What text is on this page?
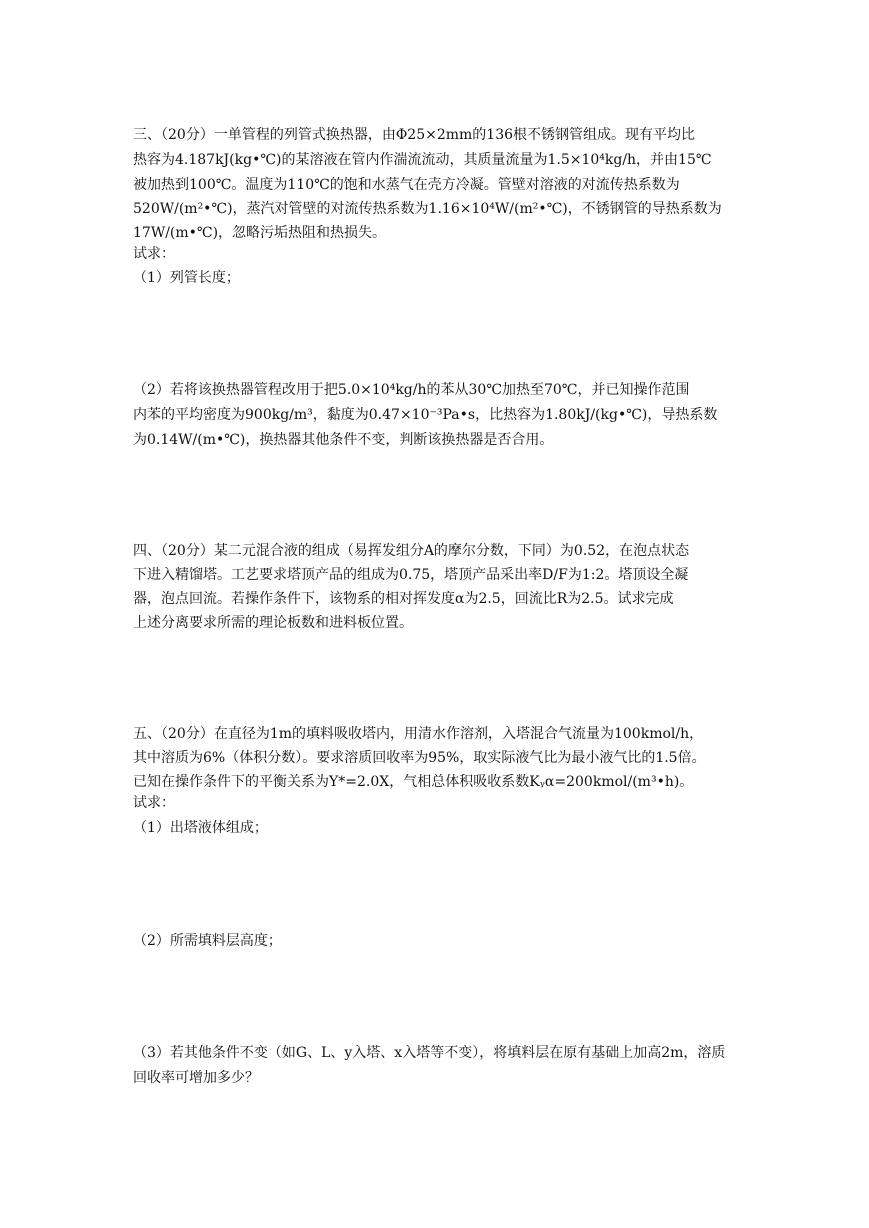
三、（20分）一单管程的列管式换热器，由Φ25×2mm的136根不锈钢管组成。现有平均比
热容为4.187kJ(kg•℃)的某溶液在管内作湍流流动，其质量流量为1.5×10⁴kg/h，并由15℃
被加热到100℃。温度为110℃的饱和水蒸气在壳方冷凝。管壁对溶液的对流传热系数为
520W/(m²•℃)，蒸汽对管壁的对流传热系数为1.16×10⁴W/(m²•℃)，不锈钢管的导热系数为
17W/(m•℃)，忽略污垢热阻和热损失。
试求：
（1）列管长度；
（2）若将该换热器管程改用于把5.0×10⁴kg/h的苯从30℃加热至70℃，并已知操作范围
内苯的平均密度为900kg/m³，黏度为0.47×10⁻³Pa•s，比热容为1.80kJ/(kg•℃)，导热系数
为0.14W/(m•℃)，换热器其他条件不变，判断该换热器是否合用。
四、（20分）某二元混合液的组成（易挥发组分A的摩尔分数，下同）为0.52，在泡点状态
下进入精馏塔。工艺要求塔顶产品的组成为0.75，塔顶产品采出率D/F为1:2。塔顶设全凝
器，泡点回流。若操作条件下，该物系的相对挥发度α为2.5，回流比R为2.5。试求完成
上述分离要求所需的理论板数和进料板位置。
五、（20分）在直径为1m的填料吸收塔内，用清水作溶剂，入塔混合气流量为100kmol/h，
其中溶质为6%（体积分数）。要求溶质回收率为95%，取实际液气比为最小液气比的1.5倍。
已知在操作条件下的平衡关系为Y*=2.0X，气相总体积吸收系数Kᵧα=200kmol/(m³•h)。
试求：
（1）出塔液体组成；
（2）所需填料层高度；
（3）若其他条件不变（如G、L、y入塔、x入塔等不变），将填料层在原有基础上加高2m，溶质
回收率可增加多少？
